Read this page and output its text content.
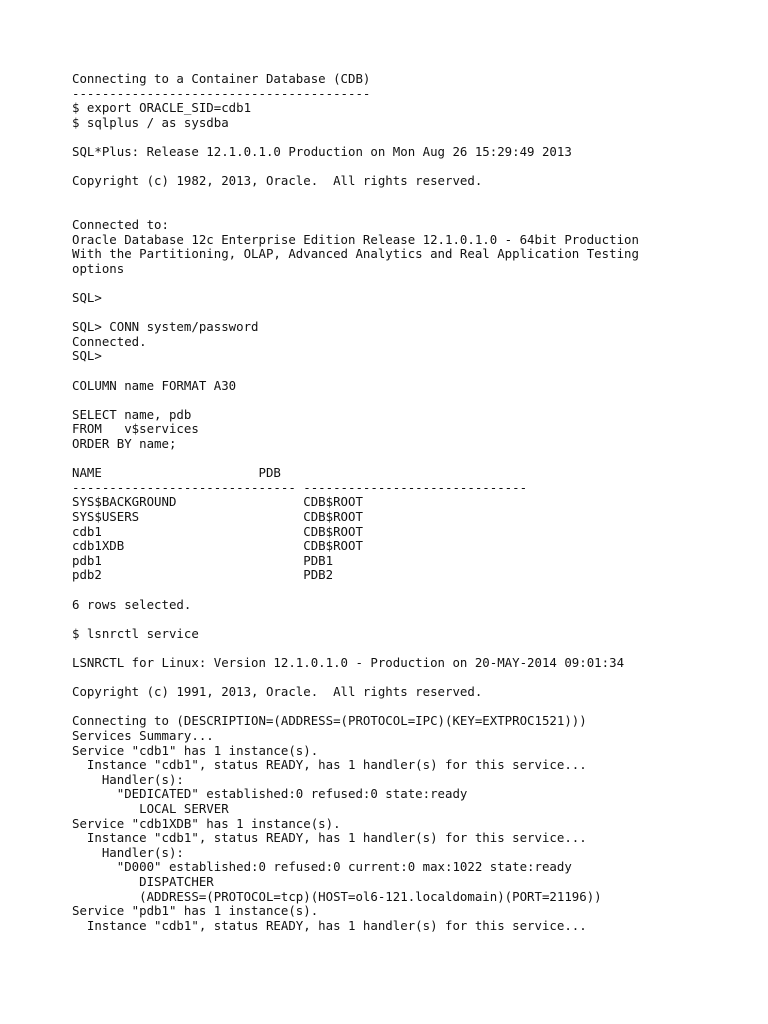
Connecting to a Container Database (CDB)
----------------------------------------
$ export ORACLE_SID=cdb1
$ sqlplus / as sysdba
SQL*Plus: Release 12.1.0.1.0 Production on Mon Aug 26 15:29:49 2013
Copyright (c) 1982, 2013, Oracle.  All rights reserved.
Connected to:
Oracle Database 12c Enterprise Edition Release 12.1.0.1.0 - 64bit Production
With the Partitioning, OLAP, Advanced Analytics and Real Application Testing
options
SQL>
SQL> CONN system/password
Connected.
SQL>
COLUMN name FORMAT A30
SELECT name, pdb
FROM   v$services
ORDER BY name;
NAME                     PDB
------------------------------ ------------------------------
SYS$BACKGROUND                 CDB$ROOT
SYS$USERS                      CDB$ROOT
cdb1                           CDB$ROOT
cdb1XDB                        CDB$ROOT
pdb1                           PDB1
pdb2                           PDB2
6 rows selected.
$ lsnrctl service
LSNRCTL for Linux: Version 12.1.0.1.0 - Production on 20-MAY-2014 09:01:34
Copyright (c) 1991, 2013, Oracle.  All rights reserved.
Connecting to (DESCRIPTION=(ADDRESS=(PROTOCOL=IPC)(KEY=EXTPROC1521)))
Services Summary...
Service "cdb1" has 1 instance(s).
Instance "cdb1", status READY, has 1 handler(s) for this service...
Handler(s):
"DEDICATED" established:0 refused:0 state:ready
LOCAL SERVER
Service "cdb1XDB" has 1 instance(s).
Instance "cdb1", status READY, has 1 handler(s) for this service...
Handler(s):
"D000" established:0 refused:0 current:0 max:1022 state:ready
DISPATCHER
(ADDRESS=(PROTOCOL=tcp)(HOST=ol6-121.localdomain)(PORT=21196))
Service "pdb1" has 1 instance(s).
Instance "cdb1", status READY, has 1 handler(s) for this service...
